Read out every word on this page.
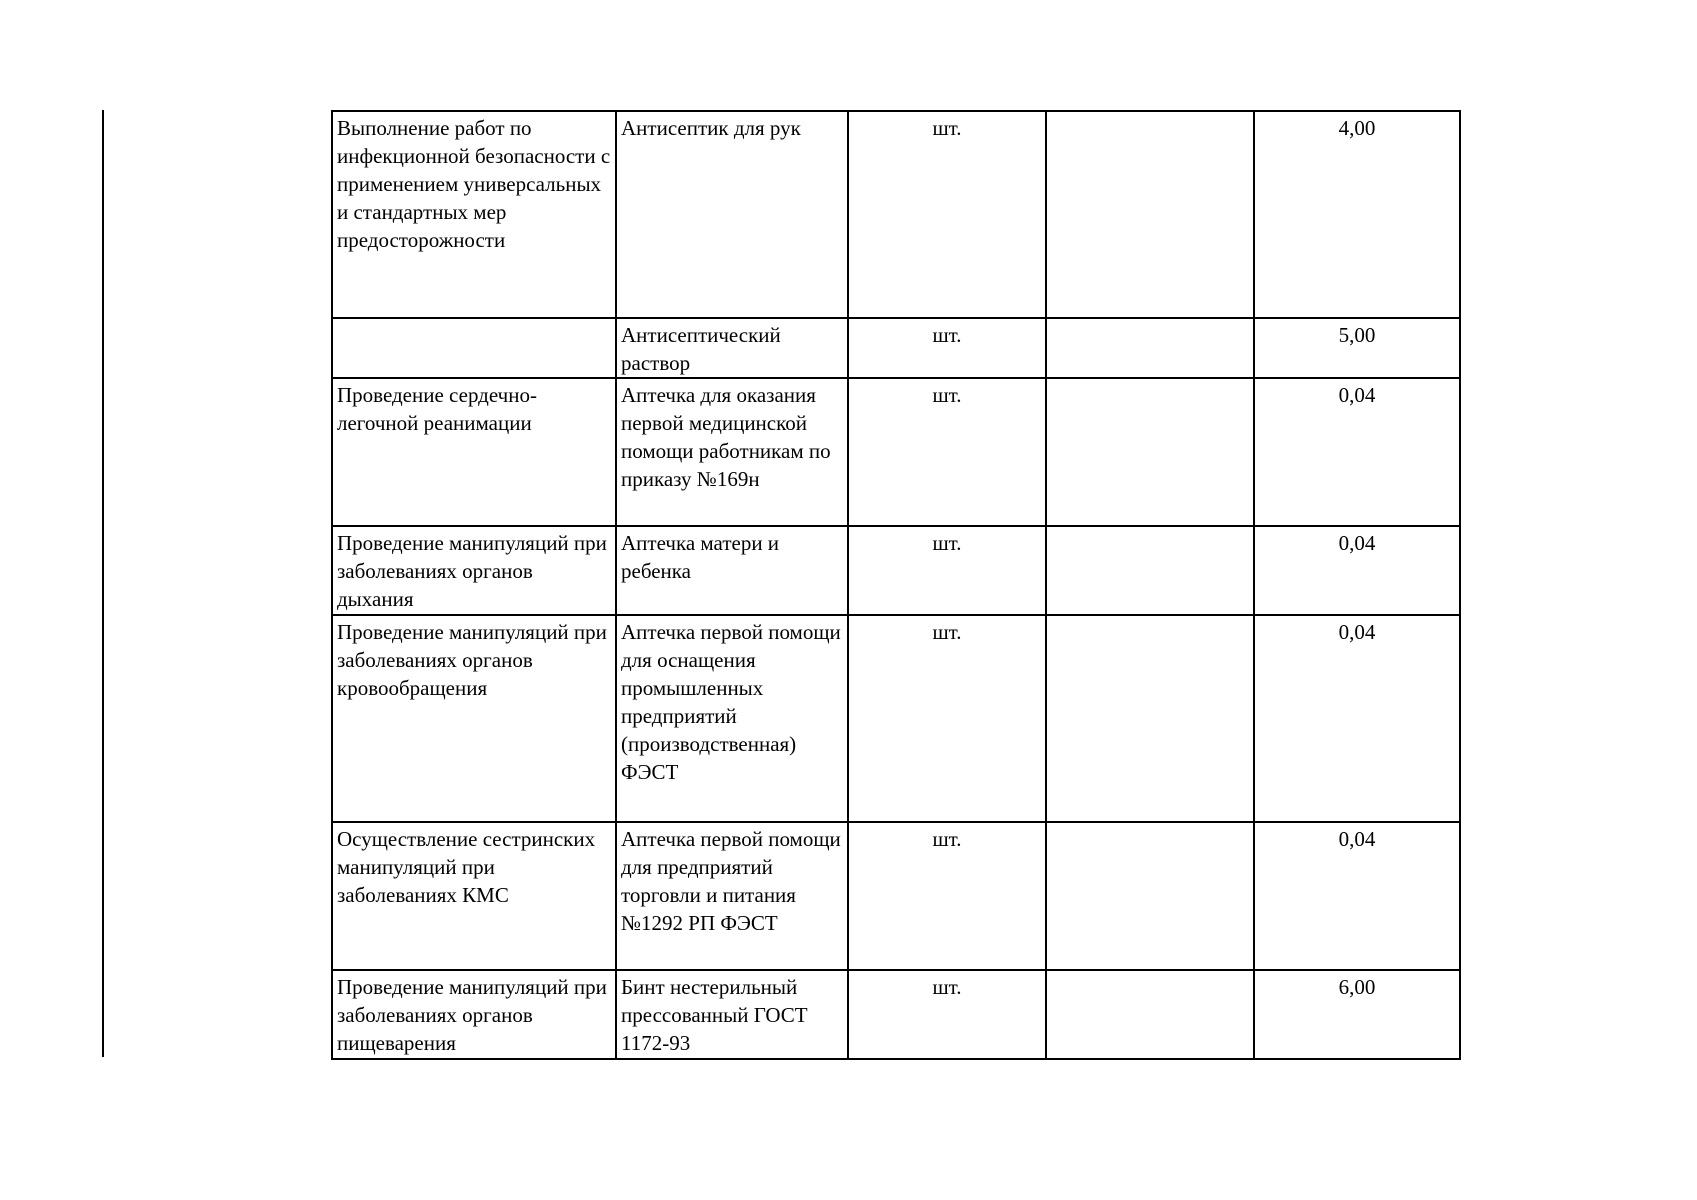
Выполнение работ по инфекционной безопасности с применением универсальных и стандартных мер предосторожности	Антисептик для рук	шт.		4,00
	Антисептический раствор	шт.		5,00
Проведение сердечно-легочной реанимации	Аптечка для оказания первой медицинской помощи работникам по приказу №169н	шт.		0,04
Проведение манипуляций при заболеваниях органов дыхания	Аптечка матери и ребенка	шт.		0,04
Проведение манипуляций при заболеваниях органов кровообращения	Аптечка первой помощи для оснащения промышленных предприятий (производственная) ФЭСТ	шт.		0,04
Осуществление сестринских манипуляций при заболеваниях КМС	Аптечка первой помощи для предприятий торговли и питания №1292 РП ФЭСТ	шт.		0,04
Проведение манипуляций при заболеваниях органов пищеварения	Бинт нестерильный прессованный ГОСТ 1172-93	шт.		6,00
